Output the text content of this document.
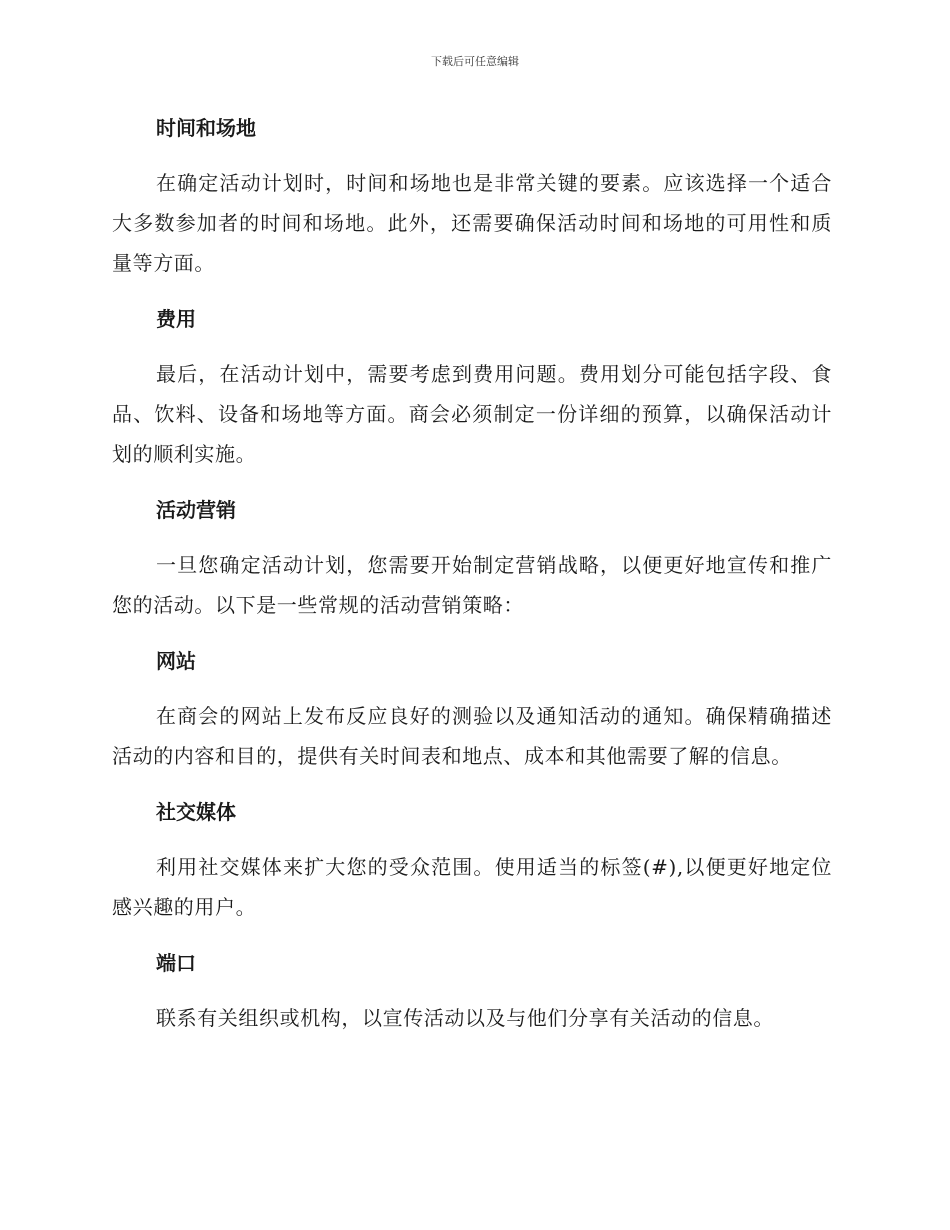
下载后可任意编辑
时间和场地

在确定活动计划时，时间和场地也是非常关键的要素。应该选择一个适合大多数参加者的时间和场地。此外，还需要确保活动时间和场地的可用性和质量等方面。

费用

最后，在活动计划中，需要考虑到费用问题。费用划分可能包括字段、食品、饮料、设备和场地等方面。商会必须制定一份详细的预算，以确保活动计划的顺利实施。

活动营销

一旦您确定活动计划，您需要开始制定营销战略，以便更好地宣传和推广您的活动。以下是一些常规的活动营销策略：

网站

在商会的网站上发布反应良好的测验以及通知活动的通知。确保精确描述活动的内容和目的，提供有关时间表和地点、成本和其他需要了解的信息。

社交媒体

利用社交媒体来扩大您的受众范围。使用适当的标签(#),以便更好地定位感兴趣的用户。

端口

联系有关组织或机构，以宣传活动以及与他们分享有关活动的信息。
